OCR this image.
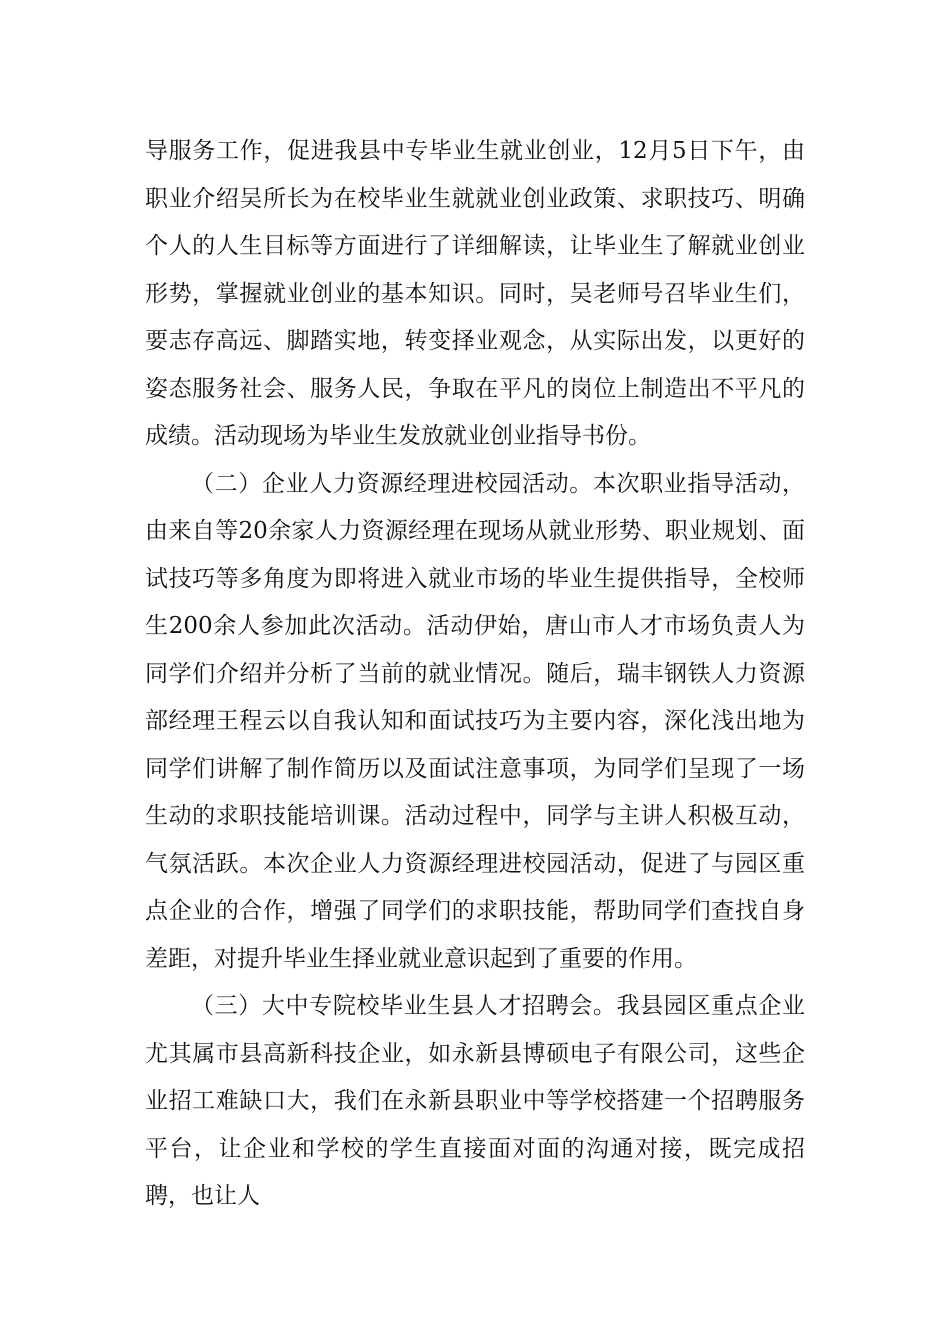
导服务工作，促进我县中专毕业生就业创业，12月5日下午，由职业介绍吴所长为在校毕业生就就业创业政策、求职技巧、明确个人的人生目标等方面进行了详细解读，让毕业生了解就业创业形势，掌握就业创业的基本知识。同时，吴老师号召毕业生们，要志存高远、脚踏实地，转变择业观念，从实际出发，以更好的姿态服务社会、服务人民，争取在平凡的岗位上制造出不平凡的成绩。活动现场为毕业生发放就业创业指导书份。

（二）企业人力资源经理进校园活动。本次职业指导活动，由来自等20余家人力资源经理在现场从就业形势、职业规划、面试技巧等多角度为即将进入就业市场的毕业生提供指导，全校师生200余人参加此次活动。活动伊始，唐山市人才市场负责人为同学们介绍并分析了当前的就业情况。随后，瑞丰钢铁人力资源部经理王程云以自我认知和面试技巧为主要内容，深化浅出地为同学们讲解了制作简历以及面试注意事项，为同学们呈现了一场生动的求职技能培训课。活动过程中，同学与主讲人积极互动，气氛活跃。本次企业人力资源经理进校园活动，促进了与园区重点企业的合作，增强了同学们的求职技能，帮助同学们查找自身差距，对提升毕业生择业就业意识起到了重要的作用。

（三）大中专院校毕业生县人才招聘会。我县园区重点企业尤其属市县高新科技企业，如永新县博硕电子有限公司，这些企业招工难缺口大，我们在永新县职业中等学校搭建一个招聘服务平台，让企业和学校的学生直接面对面的沟通对接，既完成招聘，也让人
